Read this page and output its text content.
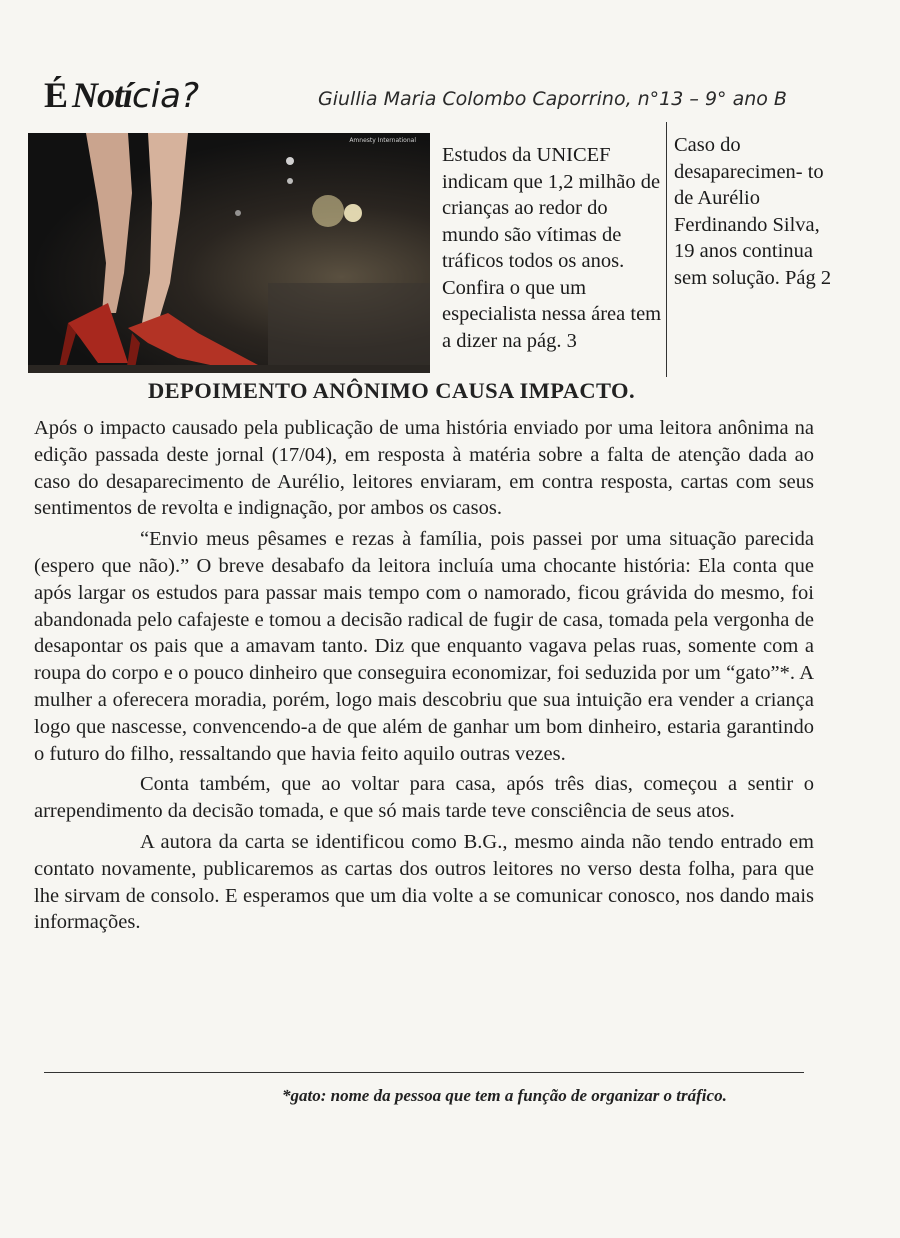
É Notícia?	Giullia Maria Colombo Caporrino, n°13 – 9° ano B
Amnesty International
Estudos da UNICEF indicam que 1,2 milhão de crianças ao redor do mundo são vítimas de tráficos todos os anos. Confira o que um especialista nessa área tem a dizer na pág. 3
Caso do desaparecimen- to de Aurélio Ferdinando Silva, 19 anos continua sem solução. Pág 2
DEPOIMENTO ANÔNIMO CAUSA IMPACTO.

Após o impacto causado pela publicação de uma história enviado por uma leitora anônima na edição passada deste jornal (17/04), em resposta à matéria sobre a falta de atenção dada ao caso do desaparecimento de Aurélio, leitores enviaram, em contra resposta, cartas com seus sentimentos de revolta e indignação, por ambos os casos.

“Envio meus pêsames e rezas à família, pois passei por uma situação parecida (espero que não).” O breve desabafo da leitora incluía uma chocante história: Ela conta que após largar os estudos para passar mais tempo com o namorado, ficou grávida do mesmo, foi abandonada pelo cafajeste e tomou a decisão radical de fugir de casa, tomada pela vergonha de desapontar os pais que a amavam tanto. Diz que enquanto vagava pelas ruas, somente com a roupa do corpo e o pouco dinheiro que conseguira economizar, foi seduzida por um “gato”*. A mulher a oferecera moradia, porém, logo mais descobriu que sua intuição era vender a criança logo que nascesse, convencendo-a de que além de ganhar um bom dinheiro, estaria garantindo o futuro do filho, ressaltando que havia feito aquilo outras vezes.

Conta também, que ao voltar para casa, após três dias, começou a sentir o arrependimento da decisão tomada, e que só mais tarde teve consciência de seus atos.

A autora da carta se identificou como B.G., mesmo ainda não tendo entrado em contato novamente, publicaremos as cartas dos outros leitores no verso desta folha, para que lhe sirvam de consolo. E esperamos que um dia volte a se comunicar conosco, nos dando mais informações.

*gato: nome da pessoa que tem a função de organizar o tráfico.
